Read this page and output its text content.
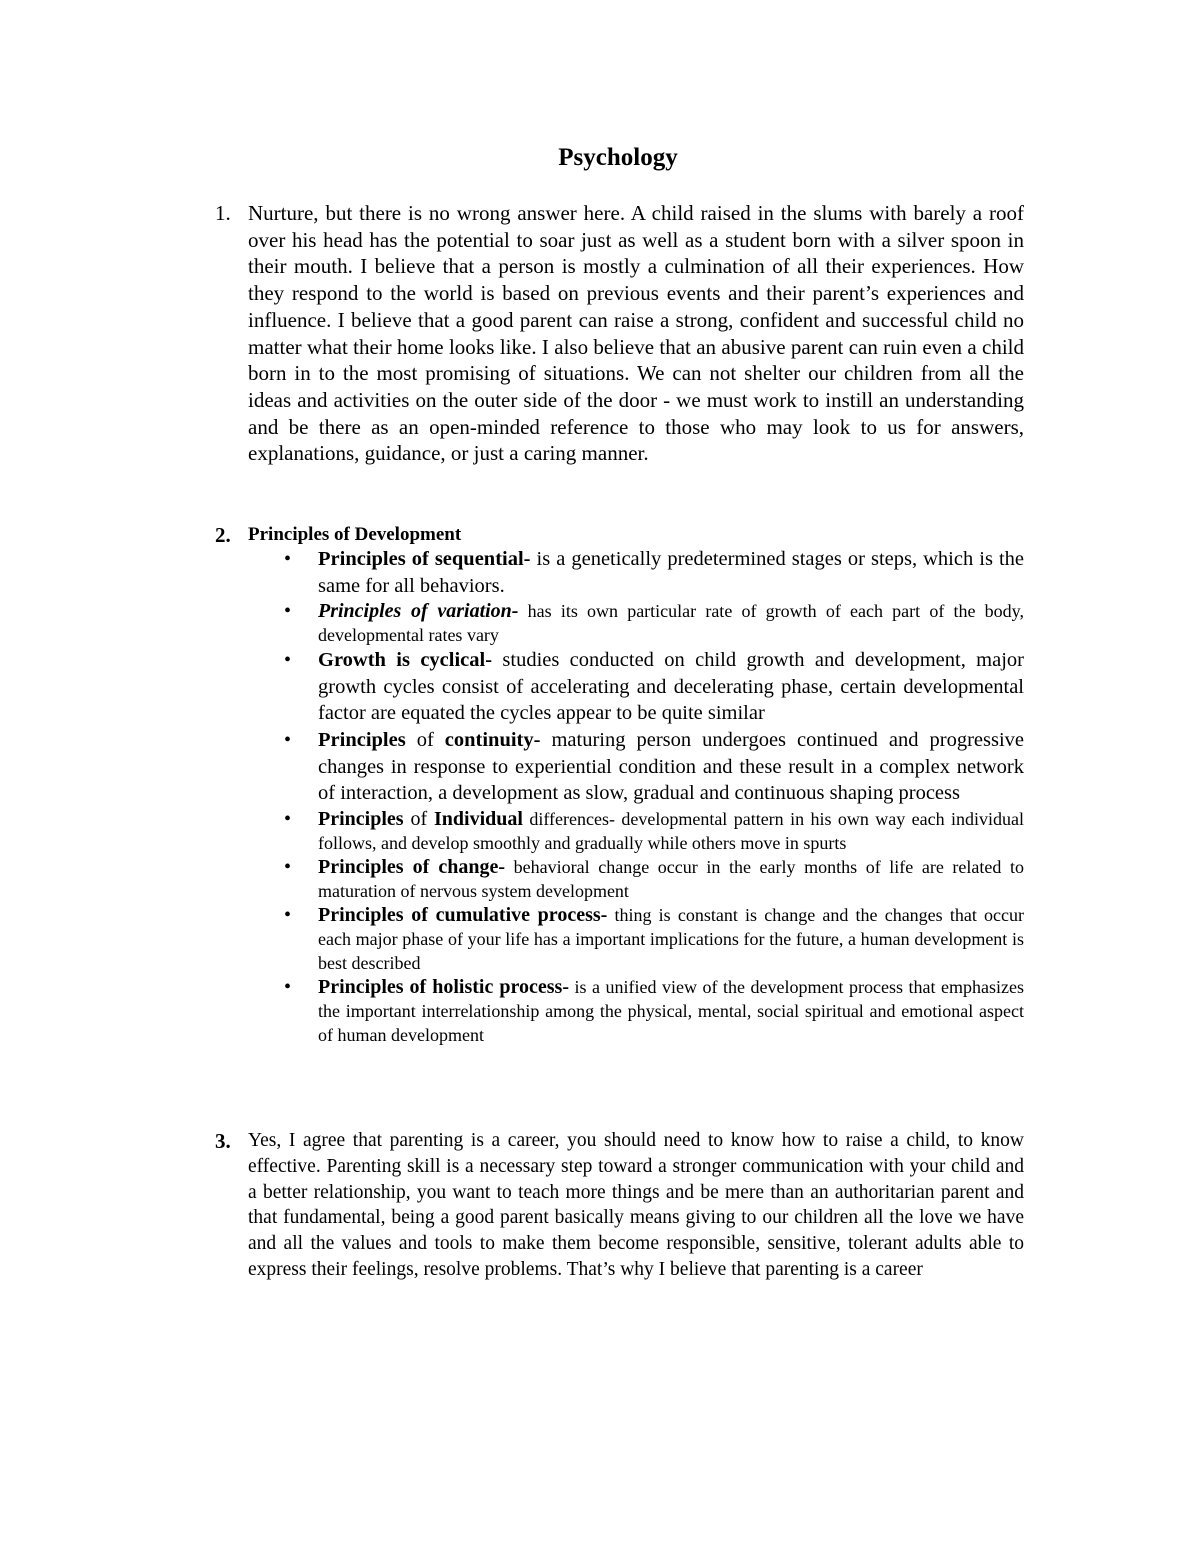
Psychology
1. Nurture, but there is no wrong answer here. A child raised in the slums with barely a roof over his head has the potential to soar just as well as a student born with a silver spoon in their mouth. I believe that a person is mostly a culmination of all their experiences. How they respond to the world is based on previous events and their parent’s experiences and influence. I believe that a good parent can raise a strong, confident and successful child no matter what their home looks like. I also believe that an abusive parent can ruin even a child born in to the most promising of situations. We can not shelter our children from all the ideas and activities on the outer side of the door - we must work to instill an understanding and be there as an open-minded reference to those who may look to us for answers, explanations, guidance, or just a caring manner.
2. Principles of Development
• Principles of sequential- is a genetically predetermined stages or steps, which is the same for all behaviors.
• Principles of variation- has its own particular rate of growth of each part of the body, developmental rates vary
• Growth is cyclical- studies conducted on child growth and development, major growth cycles consist of accelerating and decelerating phase, certain developmental factor are equated the cycles appear to be quite similar
• Principles of continuity- maturing person undergoes continued and progressive changes in response to experiential condition and these result in a complex network of interaction, a development as slow, gradual and continuous shaping process
• Principles of Individual differences- developmental pattern in his own way each individual follows, and develop smoothly and gradually while others move in spurts
• Principles of change- behavioral change occur in the early months of life are related to maturation of nervous system development
• Principles of cumulative process- thing is constant is change and the changes that occur each major phase of your life has a important implications for the future, a human development is best described
• Principles of holistic process- is a unified view of the development process that emphasizes the important interrelationship among the physical, mental, social spiritual and emotional aspect of human development
3. Yes, I agree that parenting is a career, you should need to know how to raise a child, to know effective. Parenting skill is a necessary step toward a stronger communication with your child and a better relationship, you want to teach more things and be mere than an authoritarian parent and that fundamental, being a good parent basically means giving to our children all the love we have and all the values and tools to make them become responsible, sensitive, tolerant adults able to express their feelings, resolve problems. That’s why I believe that parenting is a career
